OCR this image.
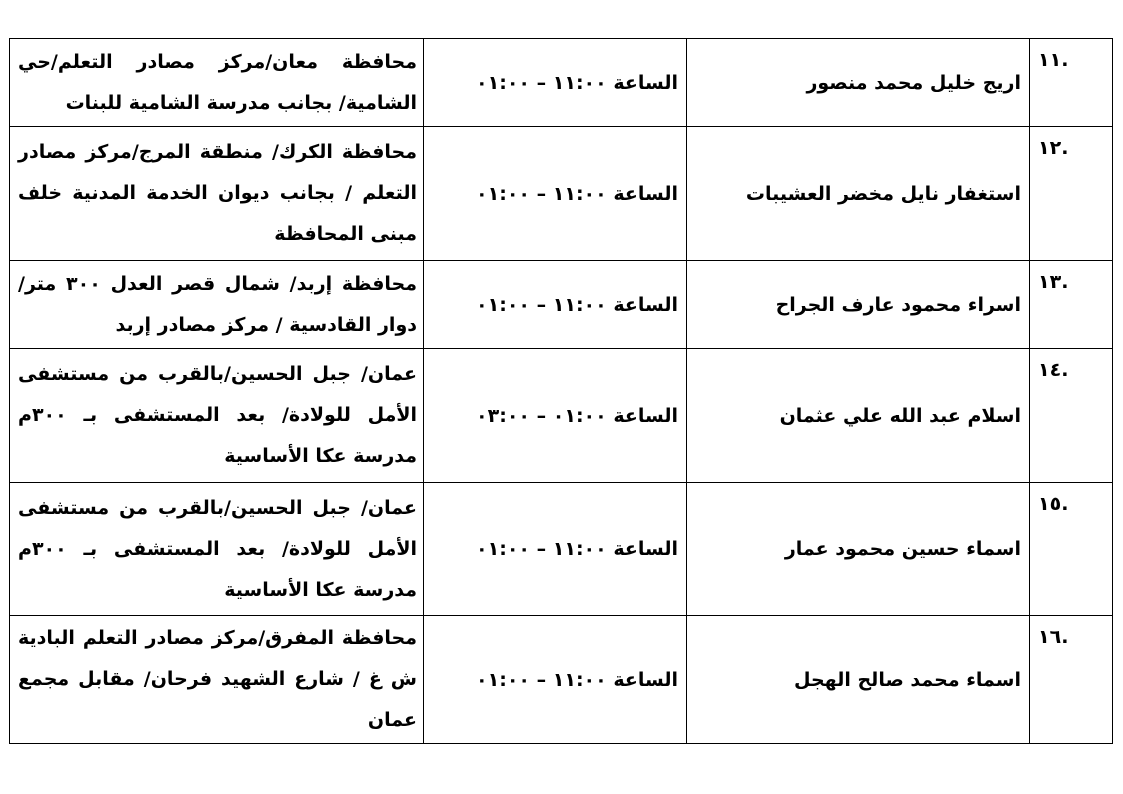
.١١	اريج خليل محمد منصور	الساعة ١١:٠٠ – ٠١:٠٠	محافظة معان/مركز مصادر التعلم/حي الشامية/ بجانب مدرسة الشامية للبنات
.١٢	استغفار نايل مخضر العشيبات	الساعة ١١:٠٠ – ٠١:٠٠	محافظة الكرك/ منطقة المرج/مركز مصادر التعلم / بجانب ديوان الخدمة المدنية خلف مبنى المحافظة
.١٣	اسراء محمود عارف الجراح	الساعة ١١:٠٠ – ٠١:٠٠	محافظة إربد/ شمال قصر العدل ٣٠٠ متر/ دوار القادسية / مركز مصادر إربد
.١٤	اسلام عبد الله علي عثمان	الساعة ٠١:٠٠ – ٠٣:٠٠	عمان/ جبل الحسين/بالقرب من مستشفى الأمل للولادة/ بعد المستشفى بـ ٣٠٠م مدرسة عكا الأساسية
.١٥	اسماء حسين محمود عمار	الساعة ١١:٠٠ – ٠١:٠٠	عمان/ جبل الحسين/بالقرب من مستشفى الأمل للولادة/ بعد المستشفى بـ ٣٠٠م مدرسة عكا الأساسية
.١٦	اسماء محمد صالح الهجل	الساعة ١١:٠٠ – ٠١:٠٠	محافظة المفرق/مركز مصادر التعلم البادية ش غ / شارع الشهيد فرحان/ مقابل مجمع عمان
